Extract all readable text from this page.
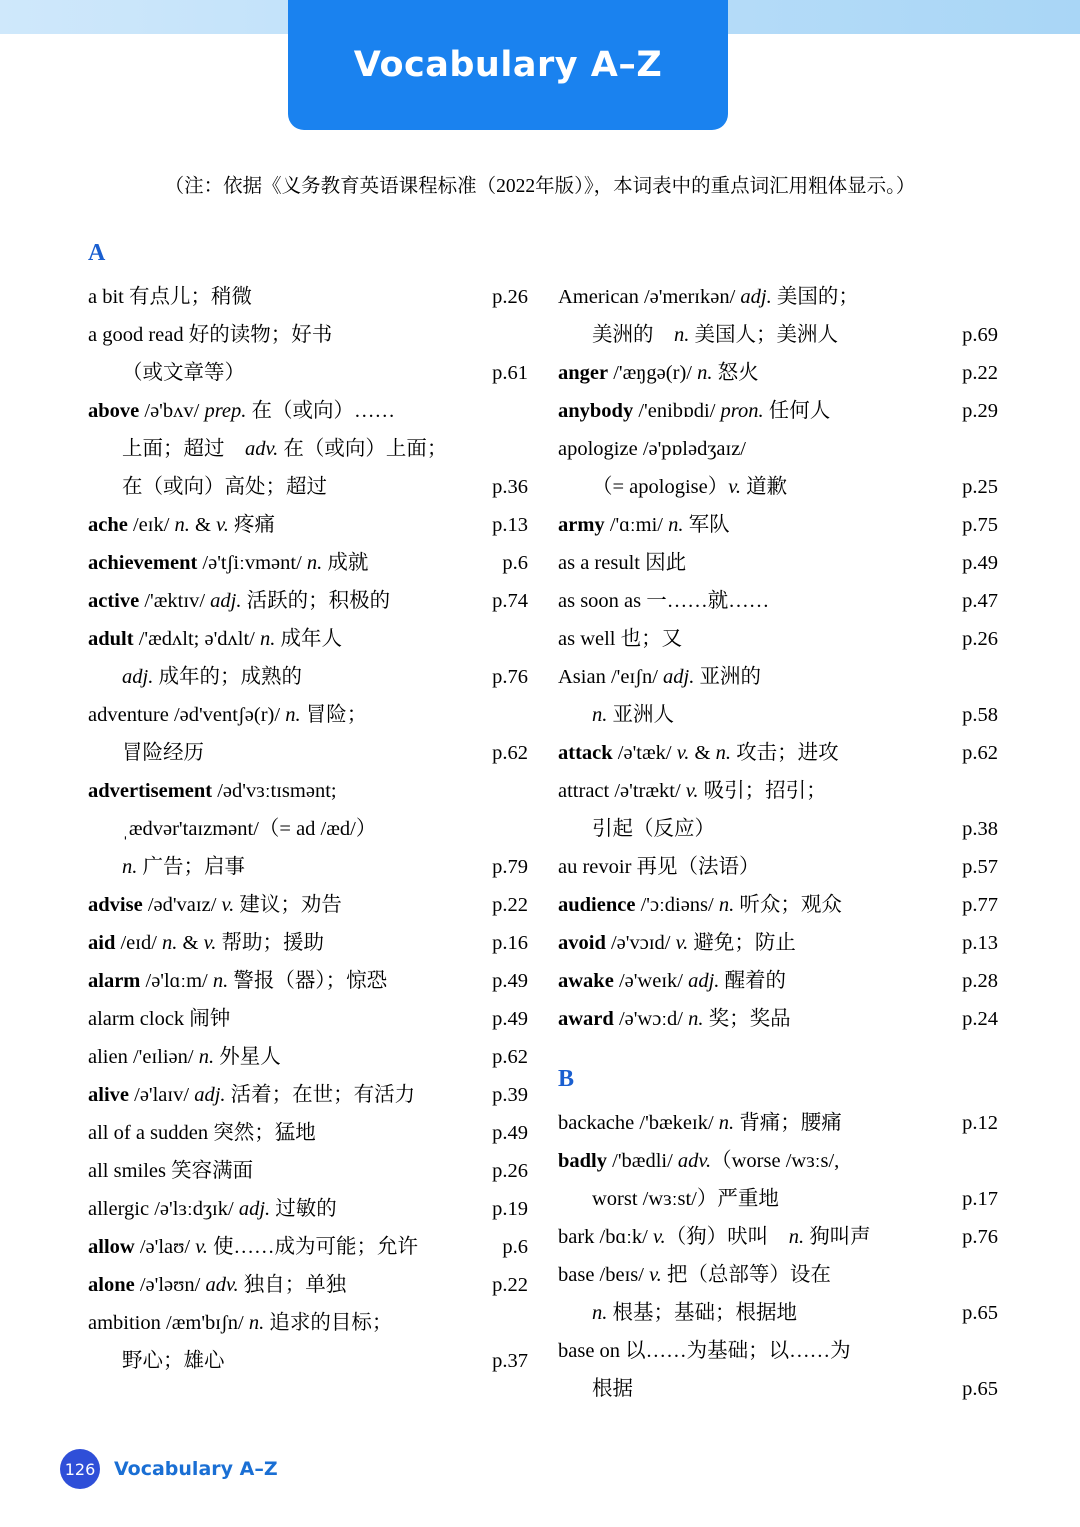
Vocabulary A–Z
（注：依据《义务教育英语课程标准（2022年版）》，本词表中的重点词汇用粗体显示。）
A
a bit 有点儿；稍微	p.26
a good read 好的读物；好书
（或文章等）	p.61
above /ə'bʌv/ prep. 在（或向）……
上面；超过　adv. 在（或向）上面；
在（或向）高处；超过	p.36
ache /eɪk/ n. & v. 疼痛	p.13
achievement /ə'tʃiːvmənt/ n. 成就	p.6
active /'æktɪv/ adj. 活跃的；积极的	p.74
adult /'ædʌlt; ə'dʌlt/ n. 成年人
adj. 成年的；成熟的	p.76
adventure /əd'ventʃə(r)/ n. 冒险；
冒险经历	p.62
advertisement /əd'vɜːtɪsmənt;
ˌædvər'taɪzmənt/（= ad /æd/）
n. 广告；启事	p.79
advise /əd'vaɪz/ v. 建议；劝告	p.22
aid /eɪd/ n. & v. 帮助；援助	p.16
alarm /ə'lɑːm/ n. 警报（器）；惊恐	p.49
alarm clock 闹钟	p.49
alien /'eɪliən/ n. 外星人	p.62
alive /ə'laɪv/ adj. 活着；在世；有活力	p.39
all of a sudden 突然；猛地	p.49
all smiles 笑容满面	p.26
allergic /ə'lɜːdʒɪk/ adj. 过敏的	p.19
allow /ə'laʊ/ v. 使……成为可能；允许	p.6
alone /ə'ləʊn/ adv. 独自；单独	p.22
ambition /æm'bɪʃn/ n. 追求的目标；
野心；雄心	p.37

American /ə'merɪkən/ adj. 美国的；
美洲的　n. 美国人；美洲人	p.69
anger /'æŋgə(r)/ n. 怒火	p.22
anybody /'enibɒdi/ pron. 任何人	p.29
apologize /ə'pɒlədʒaɪz/
（= apologise）v. 道歉	p.25
army /'ɑːmi/ n. 军队	p.75
as a result 因此	p.49
as soon as 一……就……	p.47
as well 也；又	p.26
Asian /'eɪʃn/ adj. 亚洲的
n. 亚洲人	p.58
attack /ə'tæk/ v. & n. 攻击；进攻	p.62
attract /ə'trækt/ v. 吸引；招引；
引起（反应）	p.38
au revoir 再见（法语）	p.57
audience /'ɔːdiəns/ n. 听众；观众	p.77
avoid /ə'vɔɪd/ v. 避免；防止	p.13
awake /ə'weɪk/ adj. 醒着的	p.28
award /ə'wɔːd/ n. 奖；奖品	p.24
B
backache /'bækeɪk/ n. 背痛；腰痛	p.12
badly /'bædli/ adv.（worse /wɜːs/,
worst /wɜːst/）严重地	p.17
bark /bɑːk/ v.（狗）吠叫　n. 狗叫声	p.76
base /beɪs/ v. 把（总部等）设在
n. 根基；基础；根据地	p.65
base on 以……为基础；以……为
根据	p.65
126 Vocabulary A–Z
